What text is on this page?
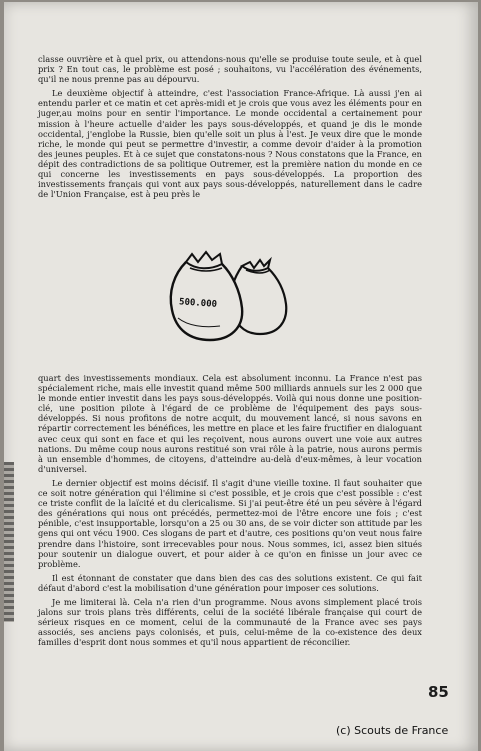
classe ouvrière et à quel prix, ou attendons-nous qu'elle se produise toute seule, et à quel prix ? En tout cas, le problème est posé ; souhaitons, vu l'accélération des événements, qu'il ne nous prenne pas au dépourvu.

Le deuxième objectif à atteindre, c'est l'association France-Afrique. Là aussi j'en ai entendu parler et ce matin et cet après-midi et je crois que vous avez les éléments pour en juger,au moins pour en sentir l'importance. Le monde occidental a certainement pour mission à l'heure actuelle d'aider les pays sous-développés, et quand je dis le monde occidental, j'englobe la Russie, bien qu'elle soit un plus à l'est. Je veux dire que le monde riche, le monde qui peut se permettre d'investir, a comme devoir d'aider à la promotion des jeunes peuples. Et à ce sujet que constatons-nous ? Nous constatons que la France, en dépit des contradictions de sa politique Outremer, est la première nation du monde en ce qui concerne les investissements en pays sous-développés. La proportion des investissements français qui vont aux pays sous-développés, naturellement dans le cadre de l'Union Française, est à peu près le

500.000

quart des investissements mondiaux. Cela est absolument inconnu. La France n'est pas spécialement riche, mais elle investit quand même 500 milliards annuels sur les 2 000 que le monde entier investit dans les pays sous-développés. Voilà qui nous donne une position-clé, une position pilote à l'égard de ce problème de l'équipement des pays sous-développés. Si nous profitons de notre acquit, du mouvement lancé, si nous savons en répartir correctement les bénéfices, les mettre en place et les faire fructifier en dialoguant avec ceux qui sont en face et qui les reçoivent, nous aurons ouvert une voie aux autres nations. Du même coup nous aurons restitué son vrai rôle à la patrie, nous aurons permis à un ensemble d'hommes, de citoyens, d'atteindre au-delà d'eux-mêmes, à leur vocation d'universel.

Le dernier objectif est moins décisif. Il s'agit d'une vieille toxine. Il faut souhaiter que ce soit notre génération qui l'élimine si c'est possible, et je crois que c'est possible : c'est ce triste conflit de la laïcité et du clericalisme. Si j'ai peut-être été un peu sévère à l'égard des générations qui nous ont précédés, permettez-moi de l'être encore une fois ; c'est pénible, c'est insupportable, lorsqu'on a 25 ou 30 ans, de se voir dicter son attitude par les gens qui ont vécu 1900. Ces slogans de part et d'autre, ces positions qu'on veut nous faire prendre dans l'histoire, sont irrecevables pour nous. Nous sommes, ici, assez bien situés pour soutenir un dialogue ouvert, et pour aider à ce qu'on en finisse un jour avec ce problème.

Il est étonnant de constater que dans bien des cas des solutions existent. Ce qui fait défaut d'abord c'est la mobilisation d'une génération pour imposer ces solutions.

Je me limiterai là. Cela n'a rien d'un programme. Nous avons simplement placé trois jalons sur trois plans très différents, celui de la société libérale française qui court de sérieux risques en ce moment, celui de la communauté de la France avec ses pays associés, ses anciens pays colonisés, et puis, celui-même de la co-existence des deux familles d'esprit dont nous sommes et qu'il nous appartient de réconcilier.

85
(c) Scouts de France
